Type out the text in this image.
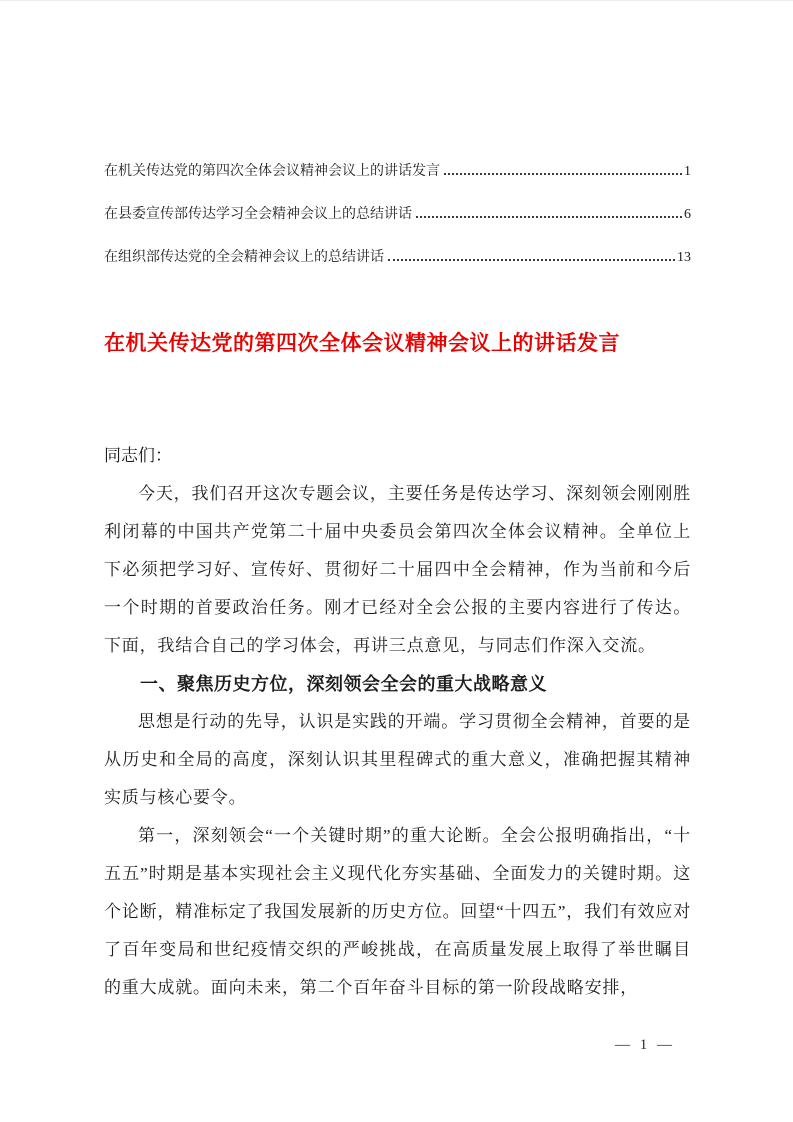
在机关传达党的第四次全体会议精神会议上的讲话发言	1
在县委宣传部传达学习全会精神会议上的总结讲话	6
在组织部传达党的全会精神会议上的总结讲话	13
在机关传达党的第四次全体会议精神会议上的讲话发言
同志们：

今天，我们召开这次专题会议，主要任务是传达学习、深刻领会刚刚胜利闭幕的中国共产党第二十届中央委员会第四次全体会议精神。全单位上下必须把学习好、宣传好、贯彻好二十届四中全会精神，作为当前和今后一个时期的首要政治任务。刚才已经对全会公报的主要内容进行了传达。下面，我结合自己的学习体会，再讲三点意见，与同志们作深入交流。

一、聚焦历史方位，深刻领会全会的重大战略意义

思想是行动的先导，认识是实践的开端。学习贯彻全会精神，首要的是从历史和全局的高度，深刻认识其里程碑式的重大意义，准确把握其精神实质与核心要令。

第一，深刻领会“一个关键时期”的重大论断。全会公报明确指出，“十五五”时期是基本实现社会主义现代化夯实基础、全面发力的关键时期。这个论断，精准标定了我国发展新的历史方位。回望“十四五”，我们有效应对了百年变局和世纪疫情交织的严峻挑战，在高质量发展上取得了举世瞩目的重大成就。面向未来，第二个百年奋斗目标的第一阶段战略安排，

— 1 —
